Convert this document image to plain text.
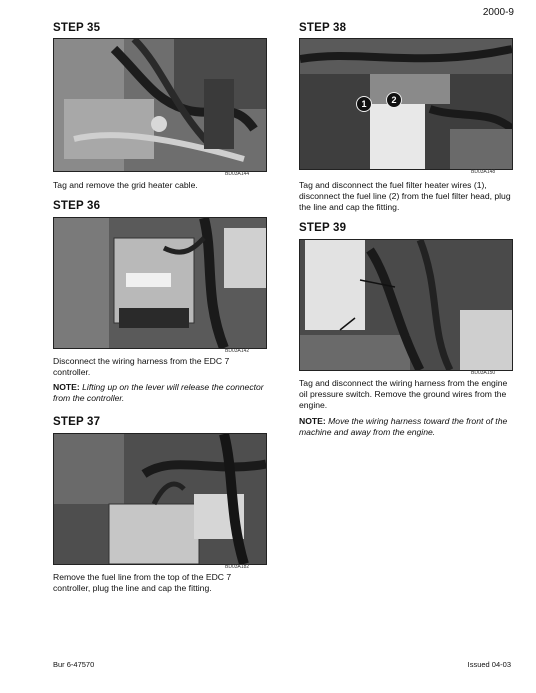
2000-9
STEP 35
BD03A144
Tag and remove the grid heater cable.
STEP 36
BD03A142
Disconnect the wiring harness from the EDC 7 controller.
NOTE: Lifting up on the lever will release the connector from the controller.
STEP 37
BD03A182
Remove the fuel line from the top of the EDC 7 controller, plug the line and cap the fitting.
STEP 38
1	2
BD03A148
Tag and disconnect the fuel filter heater wires (1), disconnect the fuel line (2) from the fuel filter head, plug the line and cap the fitting.
STEP 39
BD03A150
Tag and disconnect the wiring harness from the engine oil pressure switch. Remove the ground wires from the engine.
NOTE: Move the wiring harness toward the front of the machine and away from the engine.
Bur 6-47570	Issued 04-03
